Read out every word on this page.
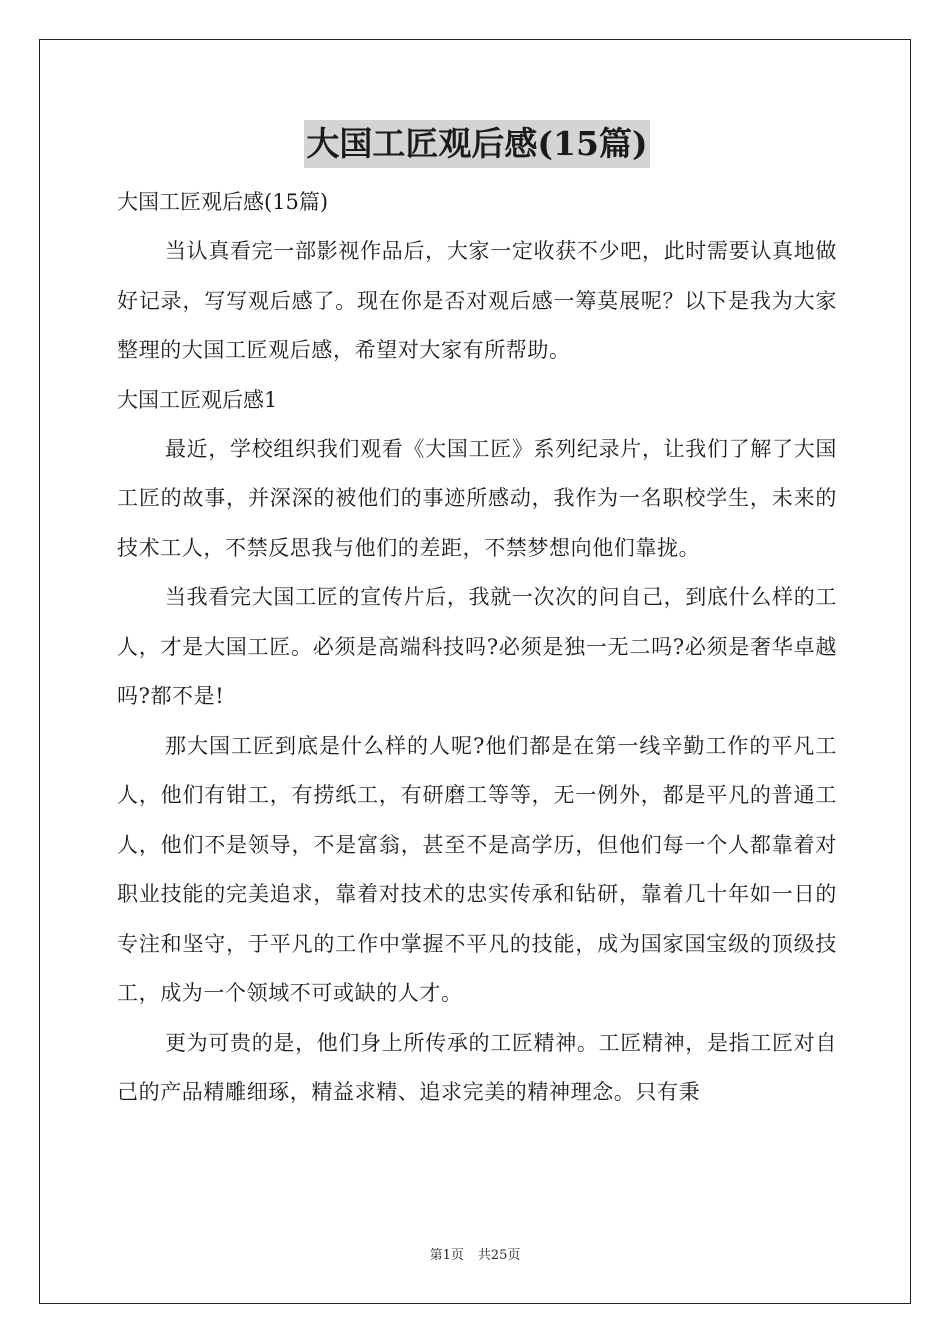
大国工匠观后感(15篇)

大国工匠观后感(15篇)

当认真看完一部影视作品后，大家一定收获不少吧，此时需要认真地做好记录，写写观后感了。现在你是否对观后感一筹莫展呢？以下是我为大家整理的大国工匠观后感，希望对大家有所帮助。

大国工匠观后感1

最近，学校组织我们观看《大国工匠》系列纪录片，让我们了解了大国工匠的故事，并深深的被他们的事迹所感动，我作为一名职校学生，未来的技术工人，不禁反思我与他们的差距，不禁梦想向他们靠拢。

当我看完大国工匠的宣传片后，我就一次次的问自己，到底什么样的工人，才是大国工匠。必须是高端科技吗?必须是独一无二吗?必须是奢华卓越吗?都不是!

那大国工匠到底是什么样的人呢?他们都是在第一线辛勤工作的平凡工人，他们有钳工，有捞纸工，有研磨工等等，无一例外，都是平凡的普通工人，他们不是领导，不是富翁，甚至不是高学历，但他们每一个人都靠着对职业技能的完美追求，靠着对技术的忠实传承和钻研，靠着几十年如一日的专注和坚守，于平凡的工作中掌握不平凡的技能，成为国家国宝级的顶级技工，成为一个领域不可或缺的人才。

更为可贵的是，他们身上所传承的工匠精神。工匠精神，是指工匠对自己的产品精雕细琢，精益求精、追求完美的精神理念。只有秉

第1页 共25页
